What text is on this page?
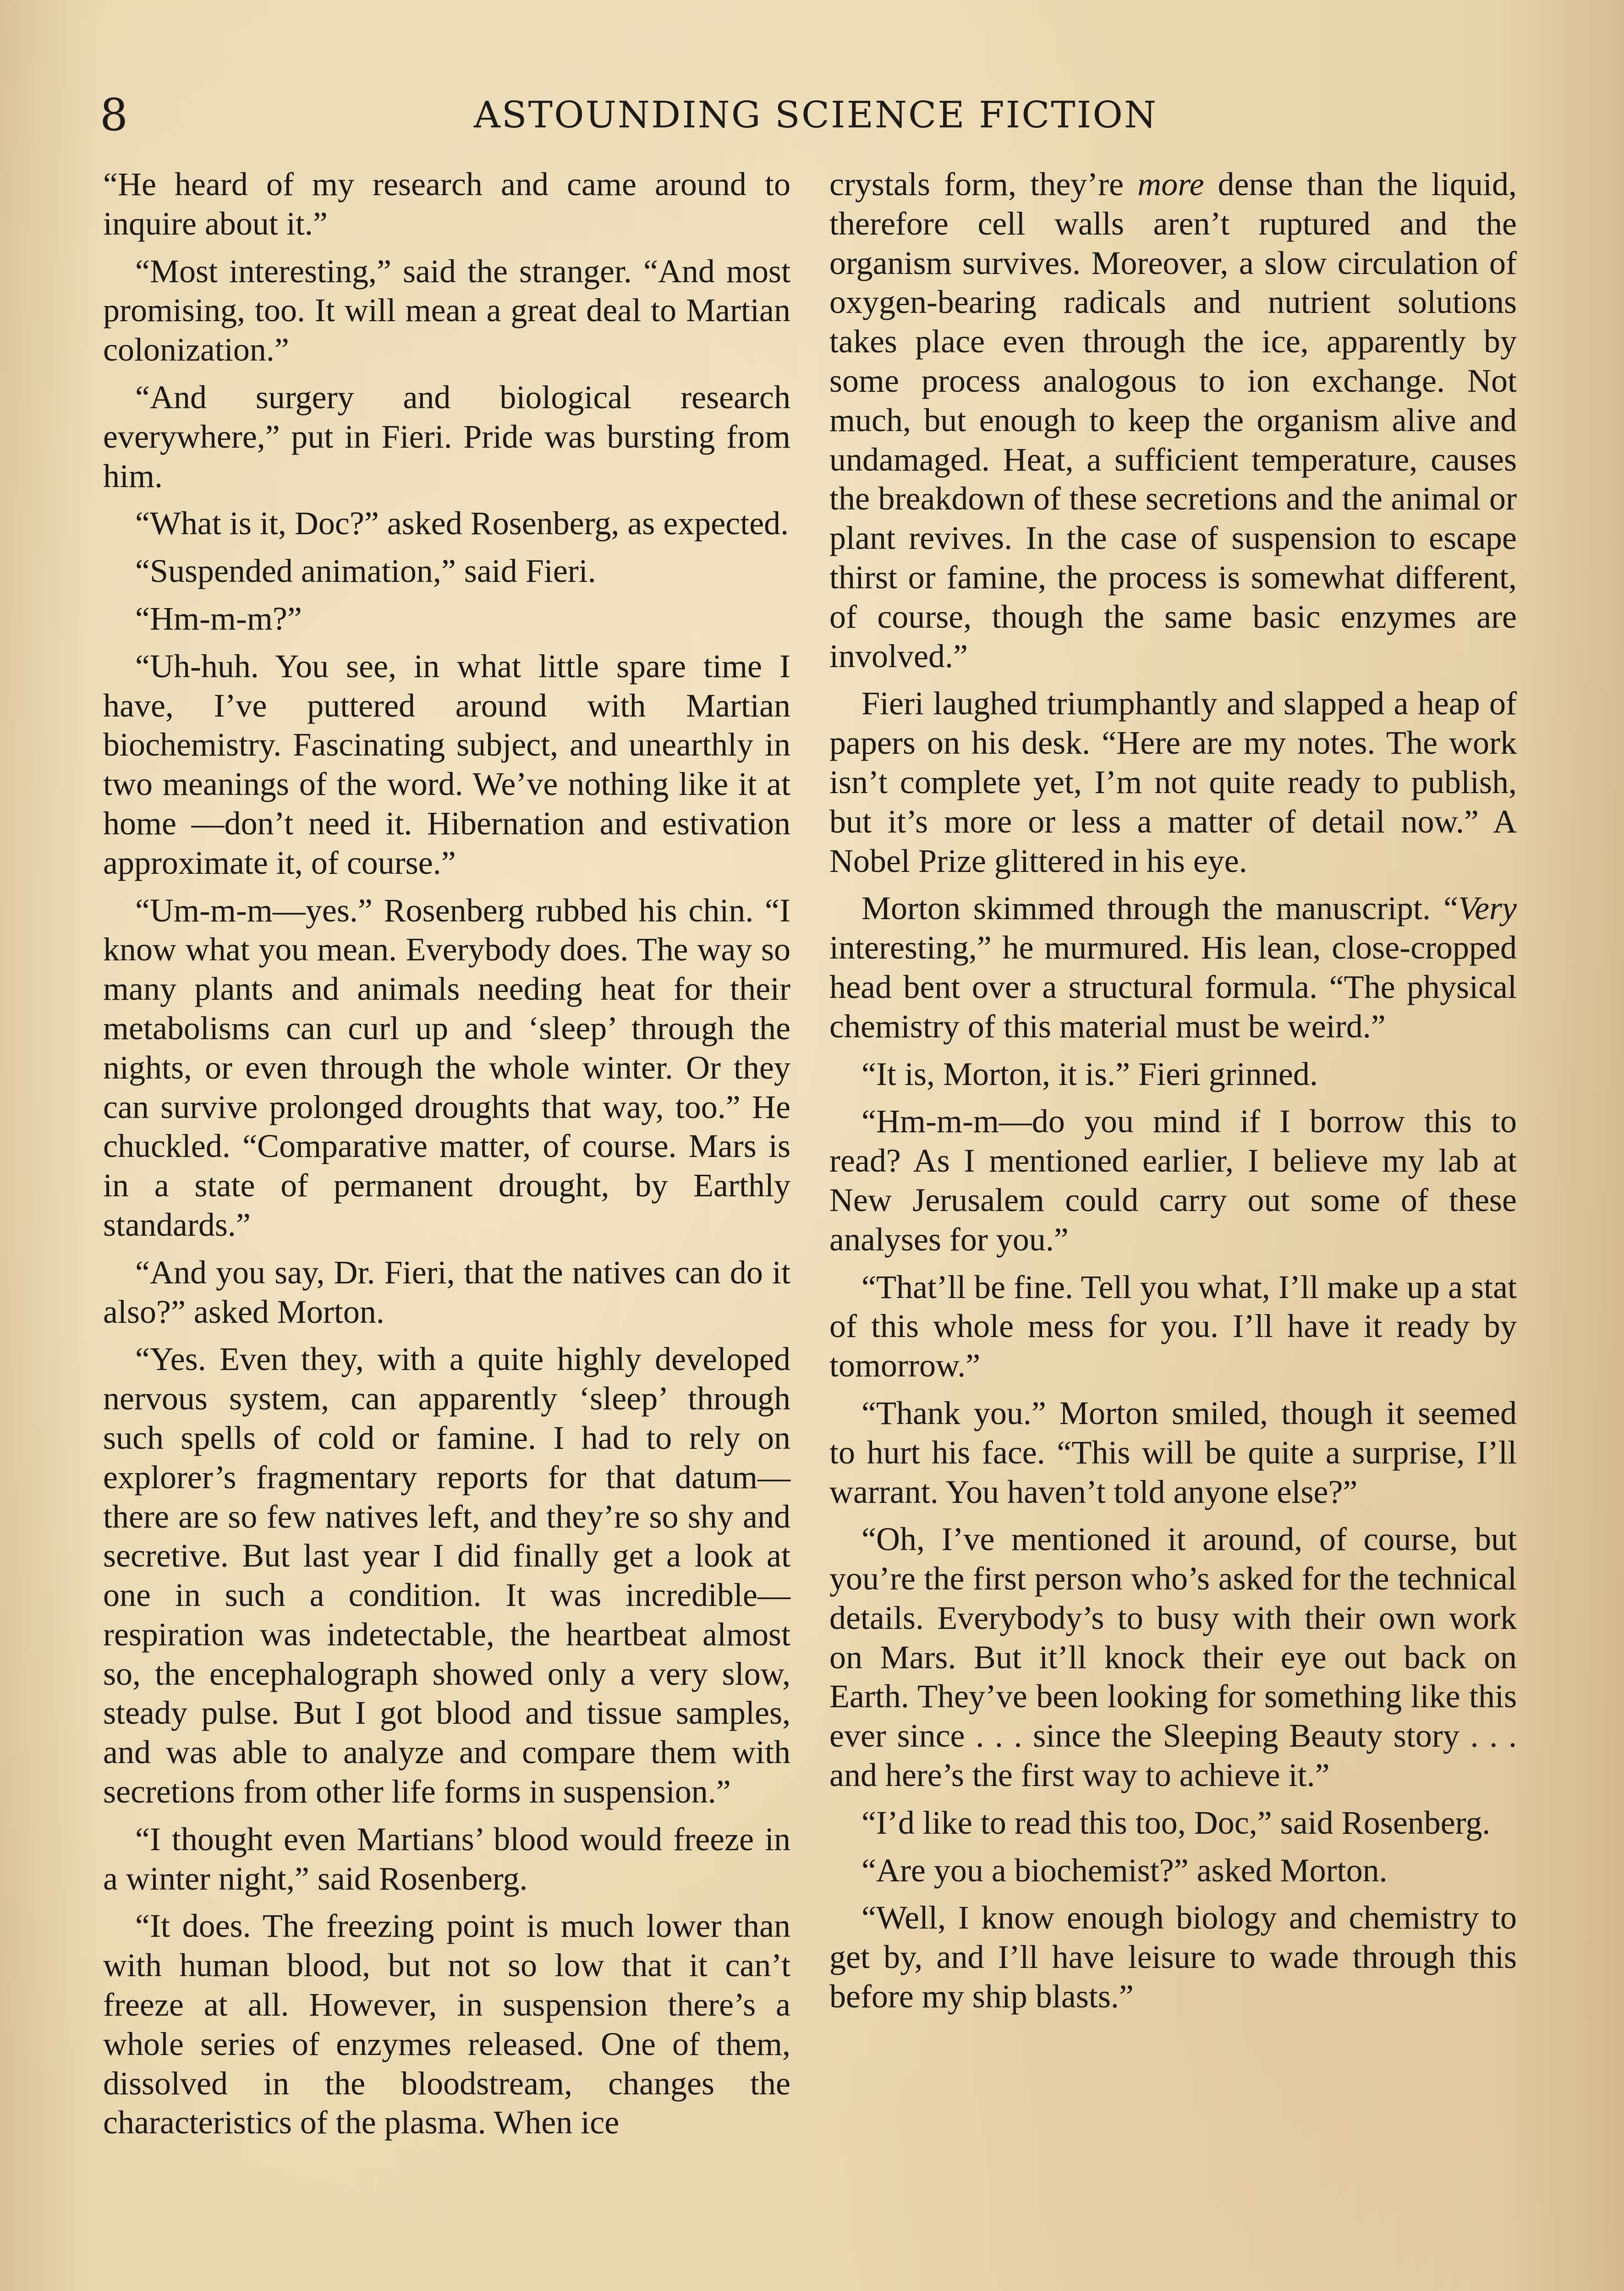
8	ASTOUNDING SCIENCE FICTION

“He heard of my research and came around to inquire about it.”

“Most interesting,” said the stranger. “And most promising, too. It will mean a great deal to Martian colonization.”

“And surgery and biological research everywhere,” put in Fieri. Pride was bursting from him.

“What is it, Doc?” asked Rosenberg, as expected.

“Suspended animation,” said Fieri.

“Hm-m-m?”

“Uh-huh. You see, in what little spare time I have, I’ve puttered around with Martian biochemistry. Fascinating subject, and unearthly in two meanings of the word. We’ve nothing like it at home —don’t need it. Hibernation and estivation approximate it, of course.”

“Um-m-m—yes.” Rosenberg rubbed his chin. “I know what you mean. Everybody does. The way so many plants and animals needing heat for their metabolisms can curl up and ‘sleep’ through the nights, or even through the whole winter. Or they can survive prolonged droughts that way, too.” He chuckled. “Comparative matter, of course. Mars is in a state of permanent drought, by Earthly standards.”

“And you say, Dr. Fieri, that the natives can do it also?” asked Morton.

“Yes. Even they, with a quite highly developed nervous system, can apparently ‘sleep’ through such spells of cold or famine. I had to rely on explorer’s fragmentary reports for that datum—there are so few natives left, and they’re so shy and secretive. But last year I did finally get a look at one in such a condition. It was incredible—respiration was indetectable, the heartbeat almost so, the encephalograph showed only a very slow, steady pulse. But I got blood and tissue samples, and was able to analyze and compare them with secretions from other life forms in suspension.”

“I thought even Martians’ blood would freeze in a winter night,” said Rosenberg.

“It does. The freezing point is much lower than with human blood, but not so low that it can’t freeze at all. However, in suspension there’s a whole series of enzymes released. One of them, dissolved in the bloodstream, changes the characteristics of the plasma. When ice

crystals form, they’re more dense than the liquid, therefore cell walls aren’t ruptured and the organism survives. Moreover, a slow circulation of oxygen-bearing radicals and nutrient solutions takes place even through the ice, apparently by some process analogous to ion exchange. Not much, but enough to keep the organism alive and undamaged. Heat, a sufficient temperature, causes the breakdown of these secretions and the animal or plant revives. In the case of suspension to escape thirst or famine, the process is somewhat different, of course, though the same basic enzymes are involved.”

Fieri laughed triumphantly and slapped a heap of papers on his desk. “Here are my notes. The work isn’t complete yet, I’m not quite ready to publish, but it’s more or less a matter of detail now.” A Nobel Prize glittered in his eye.

Morton skimmed through the manuscript. “Very interesting,” he murmured. His lean, close-cropped head bent over a structural formula. “The physical chemistry of this material must be weird.”

“It is, Morton, it is.” Fieri grinned.

“Hm-m-m—do you mind if I borrow this to read? As I mentioned earlier, I believe my lab at New Jerusalem could carry out some of these analyses for you.”

“That’ll be fine. Tell you what, I’ll make up a stat of this whole mess for you. I’ll have it ready by tomorrow.”

“Thank you.” Morton smiled, though it seemed to hurt his face. “This will be quite a surprise, I’ll warrant. You haven’t told anyone else?”

“Oh, I’ve mentioned it around, of course, but you’re the first person who’s asked for the technical details. Everybody’s to busy with their own work on Mars. But it’ll knock their eye out back on Earth. They’ve been looking for something like this ever since . . . since the Sleeping Beauty story . . . and here’s the first way to achieve it.”

“I’d like to read this too, Doc,” said Rosenberg.

“Are you a biochemist?” asked Morton.

“Well, I know enough biology and chemistry to get by, and I’ll have leisure to wade through this before my ship blasts.”
